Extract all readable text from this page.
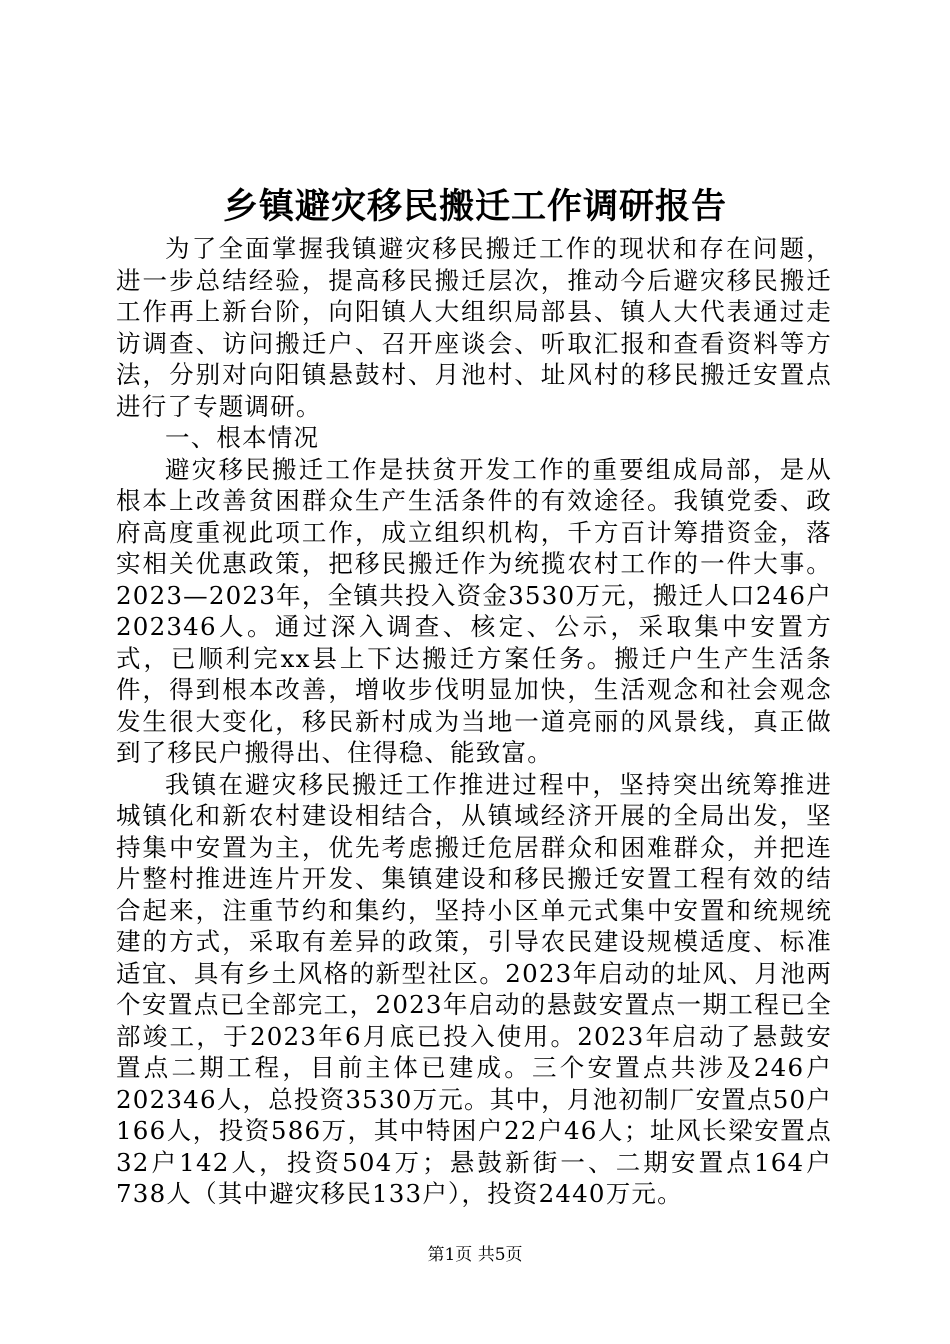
乡镇避灾移民搬迁工作调研报告

为了全面掌握我镇避灾移民搬迁工作的现状和存在问题，进一步总结经验，提高移民搬迁层次，推动今后避灾移民搬迁工作再上新台阶，向阳镇人大组织局部县、镇人大代表通过走访调查、访问搬迁户、召开座谈会、听取汇报和查看资料等方法，分别对向阳镇悬鼓村、月池村、址风村的移民搬迁安置点进行了专题调研。

一、根本情况

避灾移民搬迁工作是扶贫开发工作的重要组成局部，是从根本上改善贫困群众生产生活条件的有效途径。我镇党委、政府高度重视此项工作，成立组织机构，千方百计筹措资金，落实相关优惠政策，把移民搬迁作为统揽农村工作的一件大事。2023—2023年，全镇共投入资金3530万元，搬迁人口246户202346人。通过深入调查、核定、公示，采取集中安置方式，已顺利完xx县上下达搬迁方案任务。搬迁户生产生活条件，得到根本改善，增收步伐明显加快，生活观念和社会观念发生很大变化，移民新村成为当地一道亮丽的风景线，真正做到了移民户搬得出、住得稳、能致富。

我镇在避灾移民搬迁工作推进过程中，坚持突出统筹推进城镇化和新农村建设相结合，从镇域经济开展的全局出发，坚持集中安置为主，优先考虑搬迁危居群众和困难群众，并把连片整村推进连片开发、集镇建设和移民搬迁安置工程有效的结合起来，注重节约和集约，坚持小区单元式集中安置和统规统建的方式，采取有差异的政策，引导农民建设规模适度、标准适宜、具有乡土风格的新型社区。2023年启动的址风、月池两个安置点已全部完工，2023年启动的悬鼓安置点一期工程已全部竣工，于2023年6月底已投入使用。2023年启动了悬鼓安置点二期工程，目前主体已建成。三个安置点共涉及246户202346人，总投资3530万元。其中，月池初制厂安置点50户166人，投资586万，其中特困户22户46人；址风长梁安置点32户142人，投资504万；悬鼓新街一、二期安置点164户738人（其中避灾移民133户），投资2440万元。

第1页 共5页
